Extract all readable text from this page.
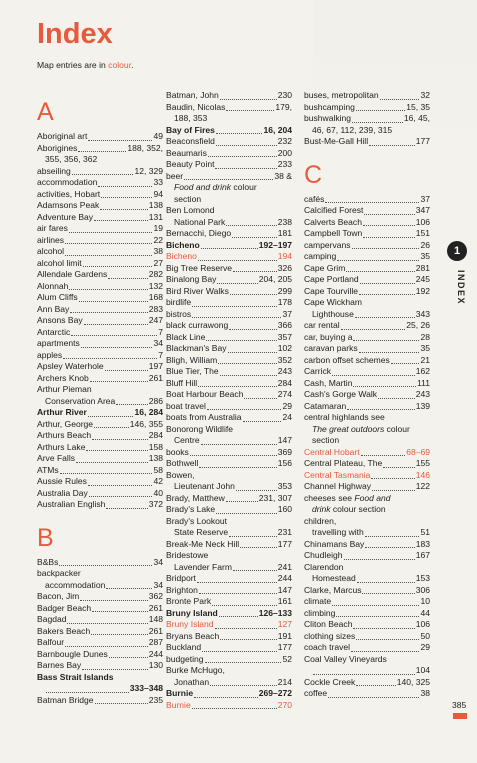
Index

Map entries are in colour.

A
Aboriginal art	49
Aborigines	188, 352,
355, 356, 362
abseiling	12, 329
accommodation	33
activities, Hobart	94
Adamsons Peak	138
Adventure Bay	131
air fares	19
airlines	22
alcohol	38
alcohol limit	27
Allendale Gardens	282
Alonnah	132
Alum Cliffs	168
Ann Bay	283
Ansons Bay	247
Antarctic	7
apartments	34
apples	7
Apsley Waterhole	197
Archers Knob	261
Arthur Pieman
Conservation Area	286
Arthur River	16, 284
Arthur, George	146, 355
Arthurs Beach	284
Arthurs Lake	158
Arve Falls	138
ATMs	58
Aussie Rules	42
Australia Day	40
Australian English	372
B
B&Bs	34
backpacker
accommodation	34
Bacon, Jim	362
Badger Beach	261
Bagdad	148
Bakers Beach	261
Balfour	287
Barnbougle Dunes	244
Barnes Bay	130
Bass Strait Islands
333–348
Batman Bridge	235
Batman, John	230
Baudin, Nicolas	179,
188, 353
Bay of Fires	16, 204
Beaconsfield	232
Beaumaris	200
Beauty Point	233
beer	38 &
Food and drink colour
section
Ben Lomond
National Park	238
Bernacchi, Diego	181
Bicheno	192–197
Bicheno	194
Big Tree Reserve	326
Binalong Bay	204, 205
Bird River Walks	299
birdlife	178
bistros	37
black currawong	366
Black Line	357
Blackman's Bay	102
Bligh, William	352
Blue Tier, The	243
Bluff Hill	284
Boat Harbour Beach	274
boat travel	29
boats from Australia	24
Bonorong Wildlife
Centre	147
books	369
Bothwell	156
Bowen,
Lieutenant John	353
Brady, Matthew	231, 307
Brady's Lake	160
Brady's Lookout
State Reserve	231
Break-Me Neck Hill	177
Bridestowe
Lavender Farm	241
Bridport	244
Brighton	147
Bronte Park	161
Bruny Island	126–133
Bruny Island	127
Bryans Beach	191
Buckland	177
budgeting	52
Burke McHugo,
Jonathan	214
Burnie	269–272
Burnie	270
buses, metropolitan	32
bushcamping	15, 35
bushwalking	16, 45,
46, 67, 112, 239, 315
Bust-Me-Gall Hill	177
C
cafés	37
Calcified Forest	347
Calverts Beach	106
Campbell Town	151
campervans	26
camping	35
Cape Grim	281
Cape Portland	245
Cape Tourville	192
Cape Wickham
Lighthouse	343
car rental	25, 26
car, buying a	28
caravan parks	35
carbon offset schemes	21
Carrick	162
Cash, Martin	111
Cash's Gorge Walk	243
Catamaran	139
central highlands see
The great outdoors colour
section
Central Hobart	68–69
Central Plateau, The	155
Central Tasmania	146
Channel Highway	122
cheeses see Food and
drink colour section
children,
travelling with	51
Chinamans Bay	183
Chudleigh	167
Clarendon
Homestead	153
Clarke, Marcus	306
climate	10
climbing	44
Cliton Beach	106
clothing sizes	50
coach travel	29
Coal Valley Vineyards
104
Cockle Creek	140, 325
coffee	38
1
INDEX
385
